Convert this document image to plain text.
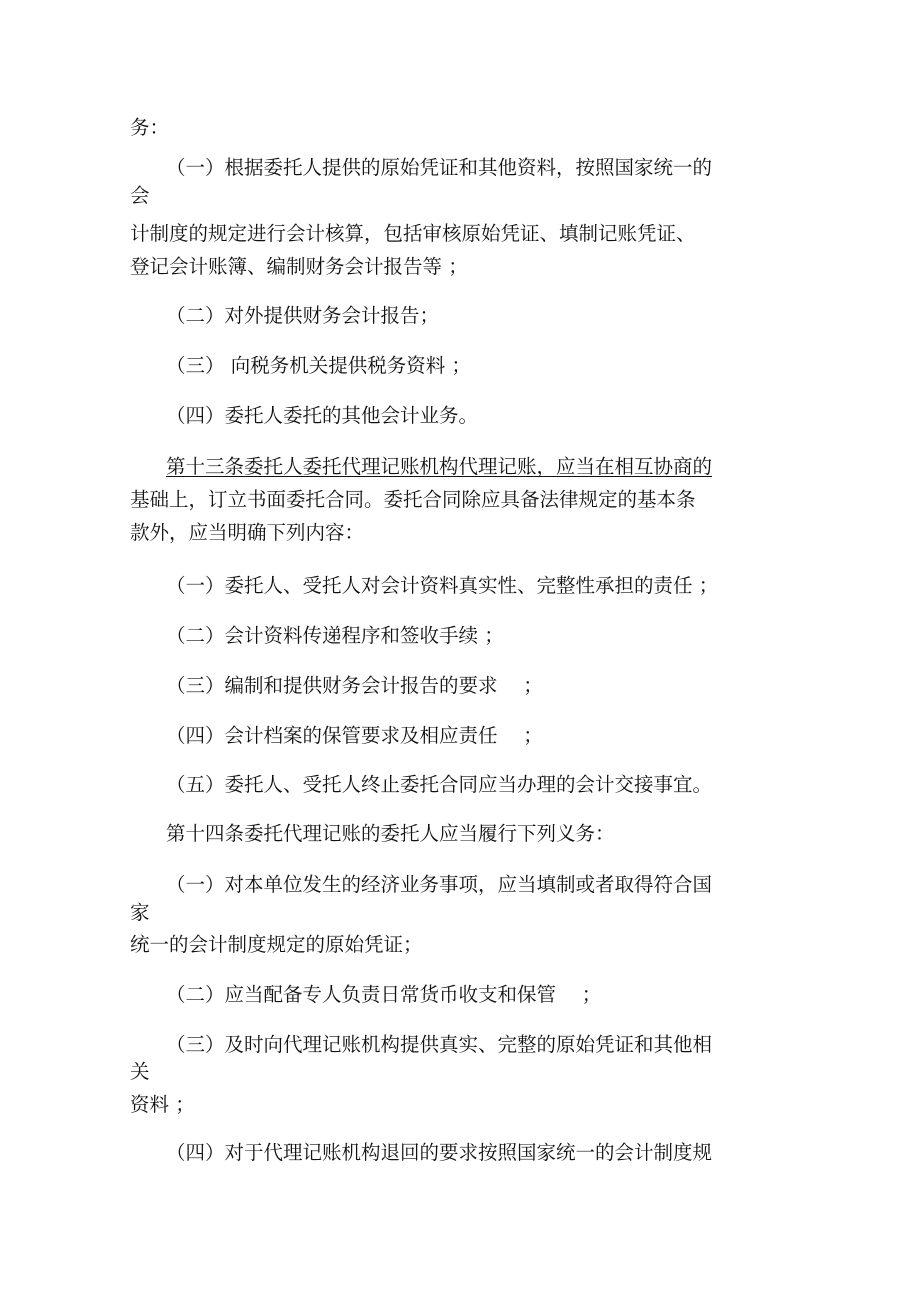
务：
（一）根据委托人提供的原始凭证和其他资料，按照国家统一的
会
计制度的规定进行会计核算，包括审核原始凭证、填制记账凭证、
登记会计账簿、编制财务会计报告等 ；
（二）对外提供财务会计报告；
（三） 向税务机关提供税务资料 ；
（四）委托人委托的其他会计业务。
第十三条委托人委托代理记账机构代理记账，应当在相互协商的
基础上，订立书面委托合同。委托合同除应具备法律规定的基本条
款外，应当明确下列内容：
（一）委托人、受托人对会计资料真实性、完整性承担的责任 ；
（二）会计资料传递程序和签收手续 ；
（三）编制和提供财务会计报告的要求　 ；
（四）会计档案的保管要求及相应责任　 ；
（五）委托人、受托人终止委托合同应当办理的会计交接事宜。
第十四条委托代理记账的委托人应当履行下列义务：
（一）对本单位发生的经济业务事项，应当填制或者取得符合国
家
统一的会计制度规定的原始凭证；
（二）应当配备专人负责日常货币收支和保管　 ；
（三）及时向代理记账机构提供真实、完整的原始凭证和其他相
关
资料 ；
（四）对于代理记账机构退回的要求按照国家统一的会计制度规
